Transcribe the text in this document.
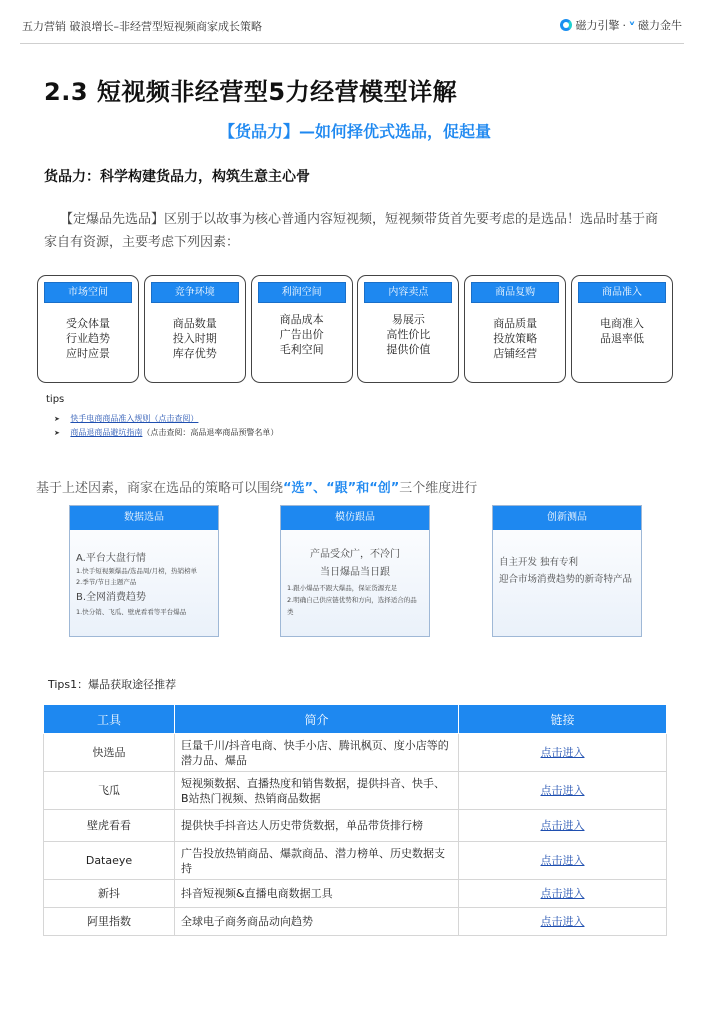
五力营销 破浪增长–非经营型短视频商家成长策略	磁力引擎 · ᵛ 磁力金牛
2.3 短视频非经营型5力经营模型详解
【货品力】—如何择优式选品，促起量
货品力：科学构建货品力，构筑生意主心骨
【定爆品先选品】区别于以故事为核心普通内容短视频，短视频带货首先要考虑的是选品！选品时基于商家自有资源，主要考虑下列因素：
市场空间
受众体量
行业趋势
应时应景
竞争环境
商品数量
投入时期
库存优势
利润空间
商品成本
广告出价
毛利空间
内容卖点
易展示
高性价比
提供价值
商品复购
商品质量
投放策略
店铺经营
商品准入
电商准入
品退率低
tips
➤ 快手电商商品准入规则（点击查阅）
➤ 商品退商品避坑指南（点击查阅：高品退率商品预警名单）
基于上述因素，商家在选品的策略可以围绕“选”、“跟”和“创”三个维度进行
数据选品
A.平台大盘行情
1.快手短视频爆品/选品周/月榜，热销榜单
2.季节/节日主题产品
B.全网消费趋势
1.快分销、飞瓜、壁虎看看等平台爆品
模仿跟品
产品受众广，不冷门
当日爆品当日跟
1.跟小爆品不跟大爆品，保证货源充足
2.明确自己供应链优势和方向，选择适合的品类
创新测品
自主开发 独有专利
迎合市场消费趋势的新奇特产品
Tips1：爆品获取途径推荐
工具	简介	链接
快选品	巨量千川/抖音电商、快手小店、腾讯枫页、度小店等的潜力品、爆品	点击进入
飞瓜	短视频数据、直播热度和销售数据，提供抖音、快手、B站热门视频、热销商品数据	点击进入
壁虎看看	提供快手抖音达人历史带货数据，单品带货排行榜	点击进入
Dataeye	广告投放热销商品、爆款商品、潜力榜单、历史数据支持	点击进入
新抖	抖音短视频&直播电商数据工具	点击进入
阿里指数	全球电子商务商品动向趋势	点击进入
